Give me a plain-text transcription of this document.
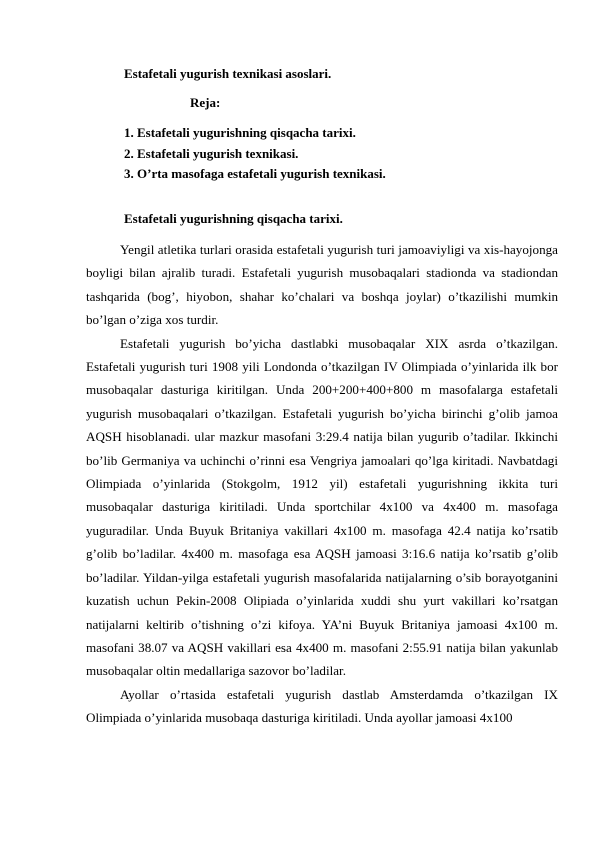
Estafetali yugurish texnikasi asoslari.
Reja:
1. Estafetali yugurishning qisqacha tarixi.
2. Estafetali yugurish texnikasi.
3. O’rta masofaga estafetali yugurish texnikasi.
Estafetali yugurishning qisqacha tarixi.

Yengil atletika turlari orasida estafetali yugurish turi jamoaviyligi va xis-hayojonga boyligi bilan ajralib turadi. Estafetali yugurish musobaqalari stadionda va stadiondan tashqarida (bog’, hiyobon, shahar ko’chalari va boshqa joylar) o’tkazilishi mumkin bo’lgan o’ziga xos turdir.

Estafetali yugurish bo’yicha dastlabki musobaqalar XIX asrda o’tkazilgan. Estafetali yugurish turi 1908 yili Londonda o’tkazilgan IV Olimpiada o’yinlarida ilk bor musobaqalar dasturiga kiritilgan. Unda 200+200+400+800 m masofalarga estafetali yugurish musobaqalari o’tkazilgan. Estafetali yugurish bo’yicha birinchi g’olib jamoa AQSH hisoblanadi. ular mazkur masofani 3:29.4 natija bilan yugurib o’tadilar. Ikkinchi bo’lib Germaniya va uchinchi o’rinni esa Vengriya jamoalari qo’lga kiritadi. Navbatdagi Olimpiada o’yinlarida (Stokgolm, 1912 yil) estafetali yugurishning ikkita turi musobaqalar dasturiga kiritiladi. Unda sportchilar 4x100 va 4x400 m. masofaga yuguradilar. Unda Buyuk Britaniya vakillari 4x100 m. masofaga 42.4 natija ko’rsatib g’olib bo’ladilar. 4x400 m. masofaga esa AQSH jamoasi 3:16.6 natija ko’rsatib g’olib bo’ladilar. Yildan-yilga estafetali yugurish masofalarida natijalarning o’sib borayotganini kuzatish uchun Pekin-2008 Olipiada o’yinlarida xuddi shu yurt vakillari ko’rsatgan natijalarni keltirib o’tishning o’zi kifoya. YA’ni Buyuk Britaniya jamoasi 4x100 m. masofani 38.07 va AQSH vakillari esa 4x400 m. masofani 2:55.91 natija bilan yakunlab musobaqalar oltin medallariga sazovor bo’ladilar.

Ayollar o’rtasida estafetali yugurish dastlab Amsterdamda o’tkazilgan IX Olimpiada o’yinlarida musobaqa dasturiga kiritiladi. Unda ayollar jamoasi 4x100
